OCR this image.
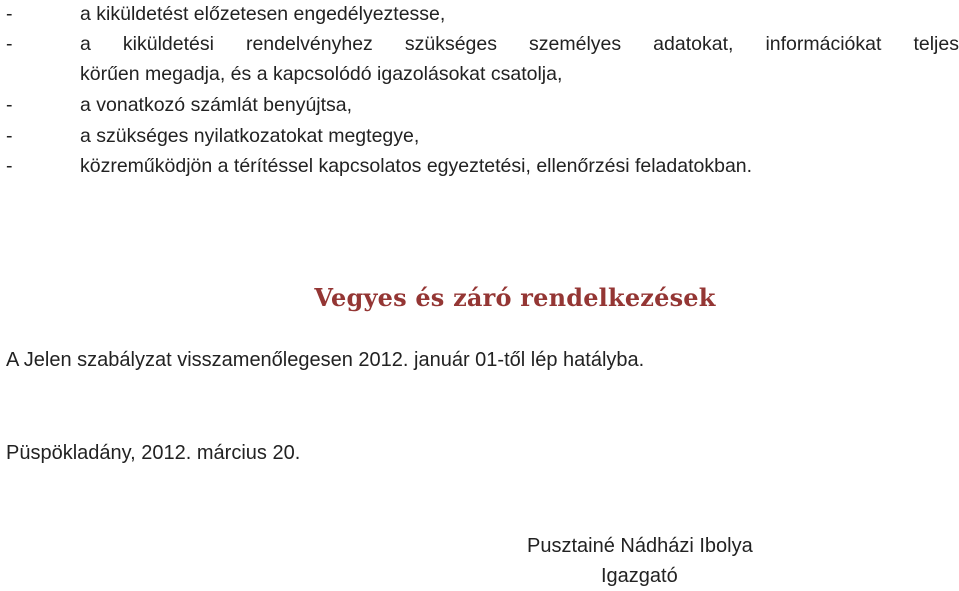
-	a kiküldetést előzetesen engedélyeztesse,
-	a kiküldetési rendelvényhez szükséges személyes adatokat, információkat teljes
körűen megadja, és a kapcsolódó igazolásokat csatolja,
-	a vonatkozó számlát benyújtsa,
-	a szükséges nyilatkozatokat megtegye,
-	közreműködjön a térítéssel kapcsolatos egyeztetési, ellenőrzési feladatokban.
Vegyes és záró rendelkezések
A Jelen szabályzat visszamenőlegesen 2012. január 01-től lép hatályba.
Püspökladány, 2012. március 20.
Pusztainé Nádházi Ibolya
Igazgató
